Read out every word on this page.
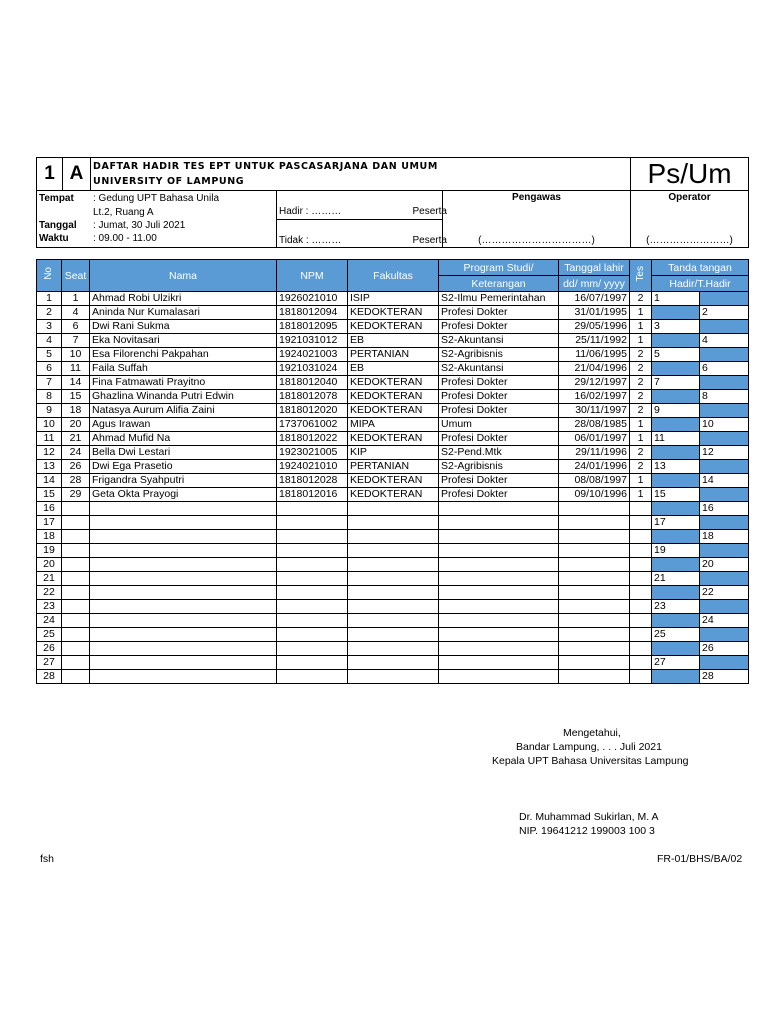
1	A	DAFTAR HADIR TES EPT UNTUK PASCASARJANA DAN UMUM
UNIVERSITY OF LAMPUNG	Ps/Um

Tempat	: Gedung UPT Bahasa Unila
	Lt.2, Ruang A
Tanggal	: Jumat, 30 Juli 2021
Waktu	: 09.00 - 11.00

Hadir : ………	Peserta
Tidak : ………	Peserta

Pengawas
(……………………………)

Operator
(……………………)
No	Seat	Nama	NPM	Fakultas	Program Studi/	Tanggal lahir	Tes	Tanda tangan	
					Keterangan	dd/ mm/ yyyy		Hadir/T.Hadir	
1	1	Ahmad Robi Ulzikri	1926021010	ISIP	S2-Ilmu Pemerintahan	16/07/1997	2	1	
2	4	Aninda Nur Kumalasari	1818012094	KEDOKTERAN	Profesi Dokter	31/01/1995	1		2
3	6	Dwi Rani Sukma	1818012095	KEDOKTERAN	Profesi Dokter	29/05/1996	1	3	
4	7	Eka Novitasari	1921031012	EB	S2-Akuntansi	25/11/1992	1		4
5	10	Esa Filorenchi Pakpahan	1924021003	PERTANIAN	S2-Agribisnis	11/06/1995	2	5	
6	11	Faila Suffah	1921031024	EB	S2-Akuntansi	21/04/1996	2		6
7	14	Fina Fatmawati Prayitno	1818012040	KEDOKTERAN	Profesi Dokter	29/12/1997	2	7	
8	15	Ghazlina Winanda Putri Edwin	1818012078	KEDOKTERAN	Profesi Dokter	16/02/1997	2		8
9	18	Natasya Aurum Alifia Zaini	1818012020	KEDOKTERAN	Profesi Dokter	30/11/1997	2	9	
10	20	Agus Irawan	1737061002	MIPA	Umum	28/08/1985	1		10
11	21	Ahmad Mufid Na	1818012022	KEDOKTERAN	Profesi Dokter	06/01/1997	1	11	
12	24	Bella Dwi Lestari	1923021005	KIP	S2-Pend.Mtk	29/11/1996	2		12
13	26	Dwi Ega Prasetio	1924021010	PERTANIAN	S2-Agribisnis	24/01/1996	2	13	
14	28	Frigandra Syahputri	1818012028	KEDOKTERAN	Profesi Dokter	08/08/1997	1		14
15	29	Geta Okta Prayogi	1818012016	KEDOKTERAN	Profesi Dokter	09/10/1996	1	15	
16									16
17								17	
18									18
19								19	
20									20
21								21	
22									22
23								23	
24									24
25								25	
26									26
27								27	
28									28
Mengetahui,
Bandar Lampung, . . . Juli 2021
Kepala UPT Bahasa Universitas Lampung
Dr. Muhammad Sukirlan, M. A
NIP. 19641212 199003 100 3
fsh	FR-01/BHS/BA/02
